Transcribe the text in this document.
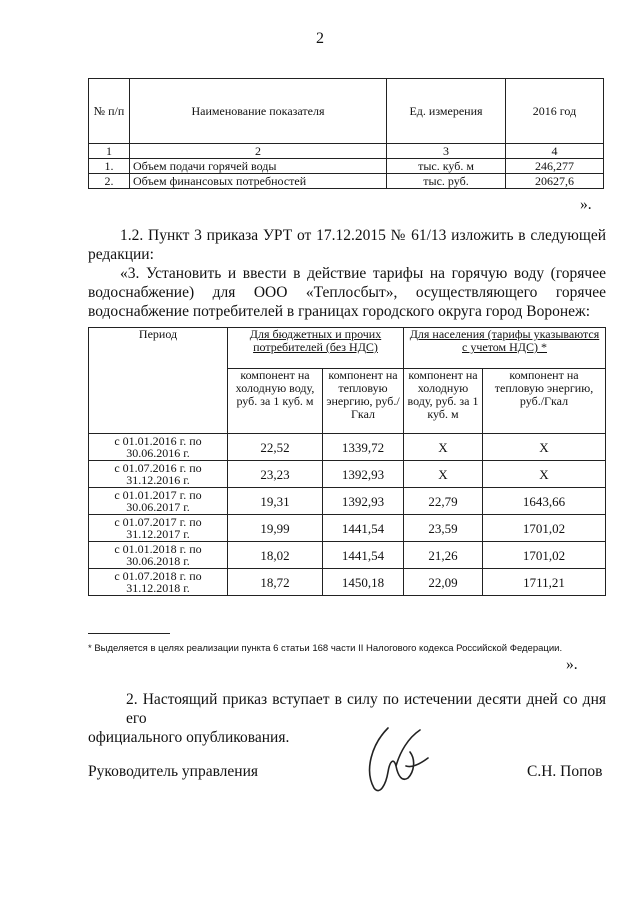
2
№ п/п	Наименование показателя	Ед. измерения	2016 год
1	2	3	4
1.	Объем подачи горячей воды	тыс. куб. м	246,277
2.	Объем финансовых потребностей	тыс. руб.	20627,6
».
1.2. Пункт 3 приказа УРТ от 17.12.2015 № 61/13 изложить в следующей
редакции:
«3. Установить и ввести в действие тарифы на горячую воду (горячее
водоснабжение) для ООО «Теплосбыт», осуществляющего горячее
водоснабжение потребителей в границах городского округа город Воронеж:
Период	Для бюджетных и прочих потребителей (без НДС)		Для населения (тарифы указываются с учетом НДС) *	
	компонент на холодную воду, руб. за 1 куб. м	компонент на тепловую энергию, руб./Гкал	компонент на холодную воду, руб. за 1 куб. м	компонент на тепловую энергию, руб./Гкал
с 01.01.2016 г. по
30.06.2016 г.	22,52	1339,72	Х	Х
с 01.07.2016 г. по
31.12.2016 г.	23,23	1392,93	Х	Х
с 01.01.2017 г. по
30.06.2017 г.	19,31	1392,93	22,79	1643,66
с 01.07.2017 г. по
31.12.2017 г.	19,99	1441,54	23,59	1701,02
с 01.01.2018 г. по
30.06.2018 г.	18,02	1441,54	21,26	1701,02
с 01.07.2018 г. по
31.12.2018 г.	18,72	1450,18	22,09	1711,21
* Выделяется в целях реализации пункта 6 статьи 168 части II Налогового кодекса Российской Федерации.
».
2. Настоящий приказ вступает в силу по истечении десяти дней со дня его
официального опубликования.
Руководитель управления	С.Н. Попов
